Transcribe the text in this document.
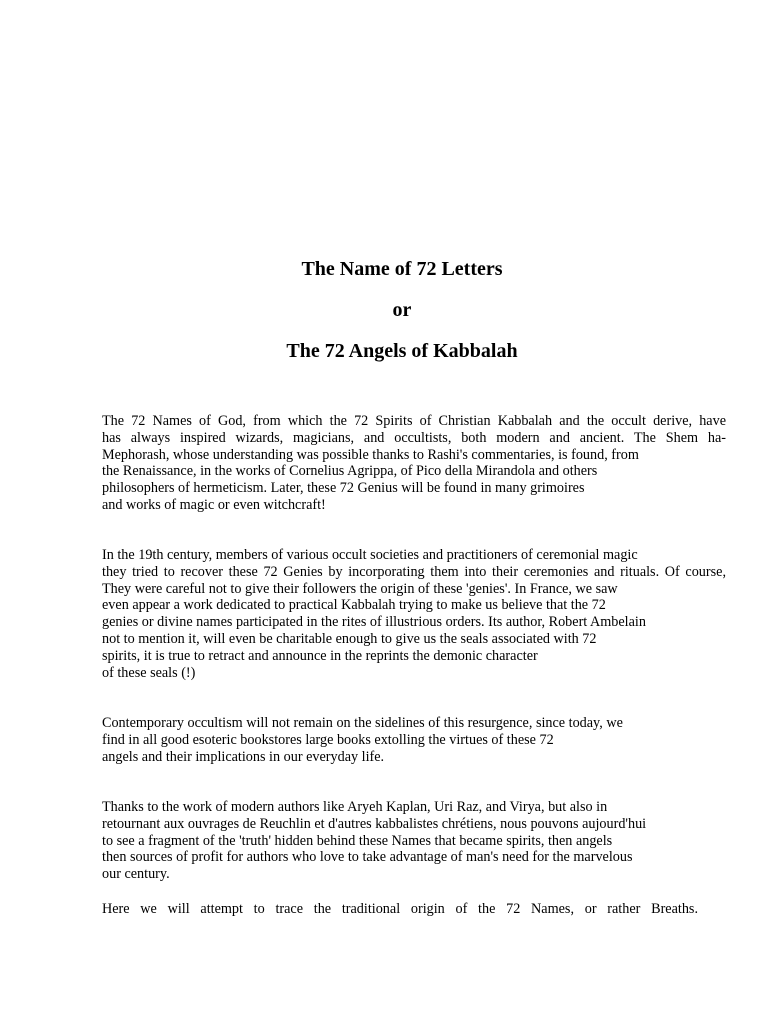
The Name of 72 Letters
or
The 72 Angels of Kabbalah
The 72 Names of God, from which the 72 Spirits of Christian Kabbalah and the occult derive, have
has always inspired wizards, magicians, and occultists, both modern and ancient. The Shem ha-
Mephorash, whose understanding was possible thanks to Rashi's commentaries, is found, from
the Renaissance, in the works of Cornelius Agrippa, of Pico della Mirandola and others
philosophers of hermeticism. Later, these 72 Genius will be found in many grimoires
and works of magic or even witchcraft!
In the 19th century, members of various occult societies and practitioners of ceremonial magic
they tried to recover these 72 Genies by incorporating them into their ceremonies and rituals. Of course,
They were careful not to give their followers the origin of these 'genies'. In France, we saw
even appear a work dedicated to practical Kabbalah trying to make us believe that the 72
genies or divine names participated in the rites of illustrious orders. Its author, Robert Ambelain
not to mention it, will even be charitable enough to give us the seals associated with 72
spirits, it is true to retract and announce in the reprints the demonic character
of these seals (!)
Contemporary occultism will not remain on the sidelines of this resurgence, since today, we
find in all good esoteric bookstores large books extolling the virtues of these 72
angels and their implications in our everyday life.
Thanks to the work of modern authors like Aryeh Kaplan, Uri Raz, and Virya, but also in
retournant aux ouvrages de Reuchlin et d'autres kabbalistes chrétiens, nous pouvons aujourd'hui
to see a fragment of the 'truth' hidden behind these Names that became spirits, then angels
then sources of profit for authors who love to take advantage of man's need for the marvelous
our century.
Here we will attempt to trace the traditional origin of the 72 Names, or rather Breaths.
